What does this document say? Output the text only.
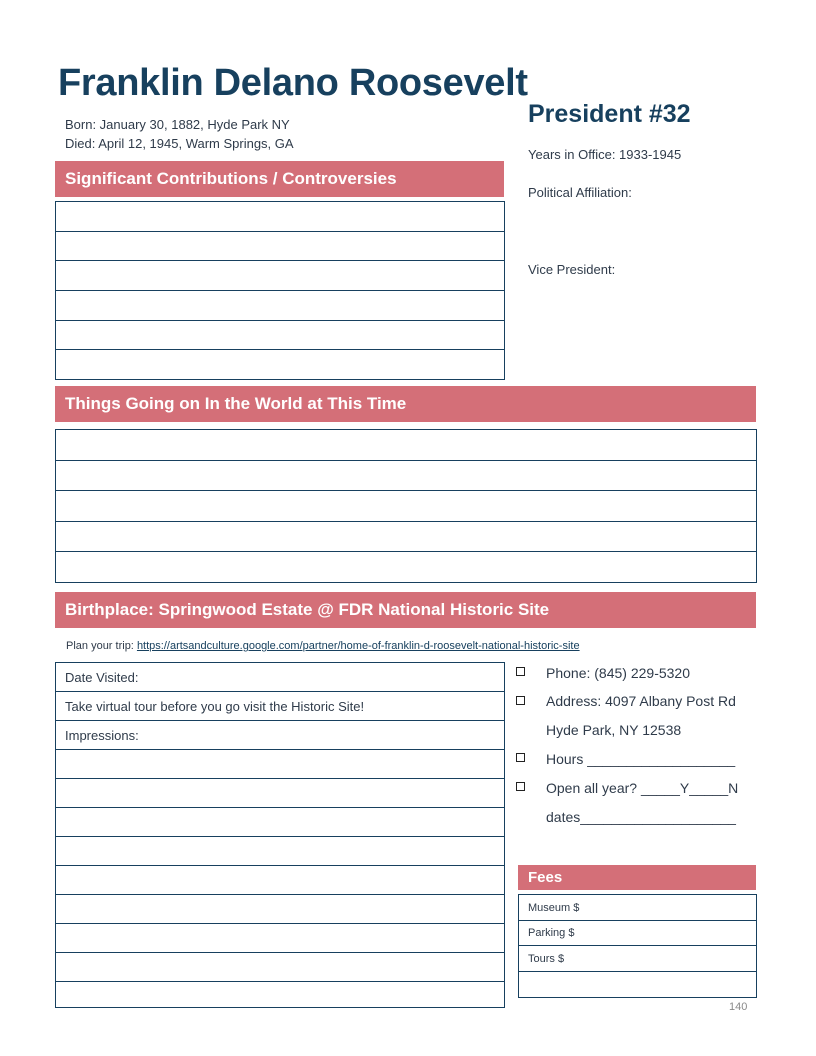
Franklin Delano Roosevelt
President #32
Born: January 30, 1882, Hyde Park NY
Died: April 12, 1945, Warm Springs, GA
Years in Office: 1933-1945
Political Affiliation:
Vice President:
Significant Contributions / Controversies
Things Going on In the World at This Time
Birthplace: Springwood Estate @ FDR National Historic Site
Plan your trip: https://artsandculture.google.com/partner/home-of-franklin-d-roosevelt-national-historic-site
Date Visited:
Take virtual tour before you go visit the Historic Site!
Impressions:
Phone: (845) 229-5320
Address: 4097 Albany Post Rd
Hyde Park, NY 12538
Hours ___________________
Open all year? _____Y_____N
dates____________________
Fees
Museum $
Parking $
Tours $
140
